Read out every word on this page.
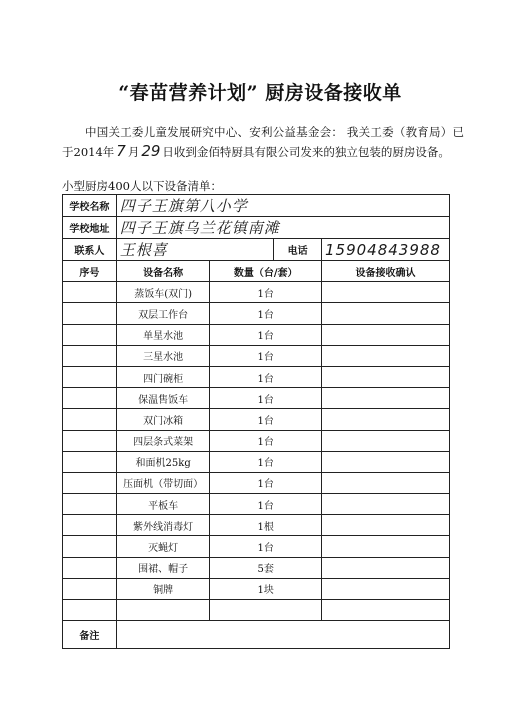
“春苗营养计划” 厨房设备接收单
中国关工委儿童发展研究中心、安利公益基金会： 我关工委（教育局）已于2014年 7 月 29 日收到金佰特厨具有限公司发来的独立包装的厨房设备。
小型厨房400人以下设备清单：
学校名称	四子王旗第八小学			
学校地址	四子王旗乌兰花镇南滩			
联系人	王根喜		电话	15904843988
序号	设备名称	数量（台/套）		设备接收确认
	蒸饭车(双门)	1台		
	双层工作台	1台		
	单星水池	1台		
	三星水池	1台		
	四门碗柜	1台		
	保温售饭车	1台		
	双门冰箱	1台		
	四层条式菜架	1台		
	和面机25kg	1台		
	压面机（带切面）	1台		
	平板车	1台		
	紫外线消毒灯	1根		
	灭蝇灯	1台		
	围裙、帽子	5套		
	铜牌	1块		

备注				
